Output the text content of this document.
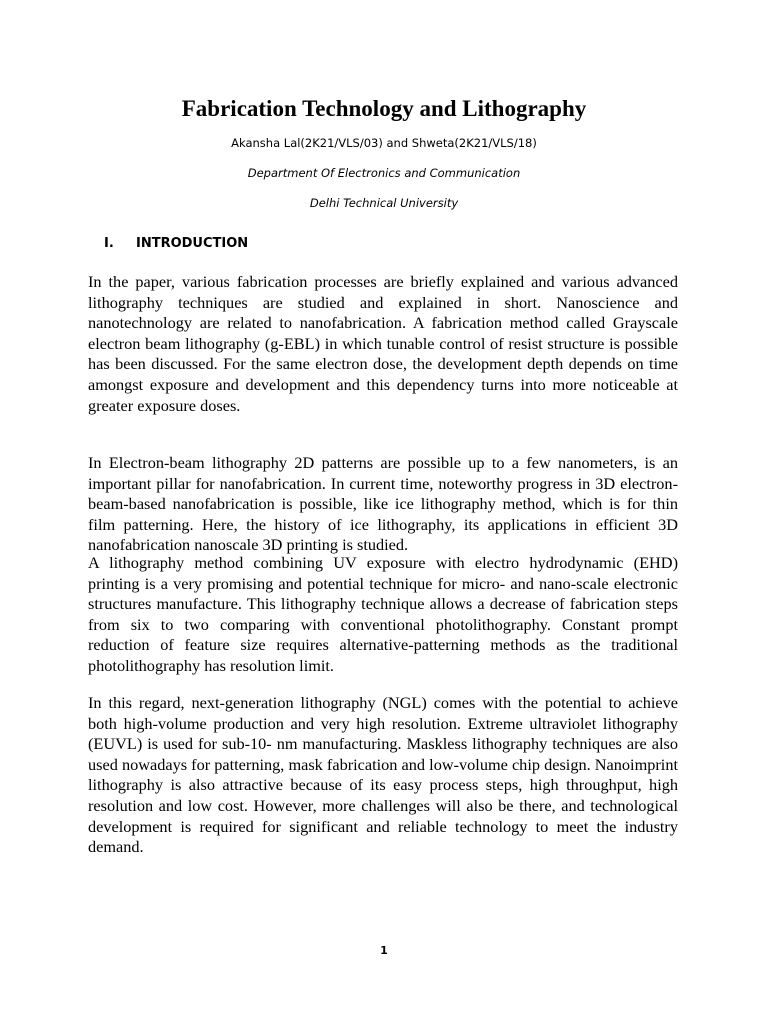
Fabrication Technology and Lithography
Akansha Lal(2K21/VLS/03) and Shweta(2K21/VLS/18)
Department Of Electronics and Communication
Delhi Technical University
I.	INTRODUCTION

In the paper, various fabrication processes are briefly explained and various advanced lithography techniques are studied and explained in short. Nanoscience and nanotechnology are related to nanofabrication. A fabrication method called Grayscale electron beam lithography (g-EBL) in which tunable control of resist structure is possible has been discussed. For the same electron dose, the development depth depends on time amongst exposure and development and this dependency turns into more noticeable at greater exposure doses.

In Electron-beam lithography 2D patterns are possible up to a few nanometers, is an important pillar for nanofabrication. In current time, noteworthy progress in 3D electron-beam-based nanofabrication is possible, like ice lithography method, which is for thin film patterning. Here, the history of ice lithography, its applications in efficient 3D nanofabrication nanoscale 3D printing is studied.

A lithography method combining UV exposure with electro hydrodynamic (EHD) printing is a very promising and potential technique for micro- and nano-scale electronic structures manufacture. This lithography technique allows a decrease of fabrication steps from six to two comparing with conventional photolithography. Constant prompt reduction of feature size requires alternative-patterning methods as the traditional photolithography has resolution limit.

In this regard, next-generation lithography (NGL) comes with the potential to achieve both high-volume production and very high resolution. Extreme ultraviolet lithography (EUVL) is used for sub-10- nm manufacturing. Maskless lithography techniques are also used nowadays for patterning, mask fabrication and low-volume chip design. Nanoimprint lithography is also attractive because of its easy process steps, high throughput, high resolution and low cost. However, more challenges will also be there, and technological development is required for significant and reliable technology to meet the industry demand.

1
